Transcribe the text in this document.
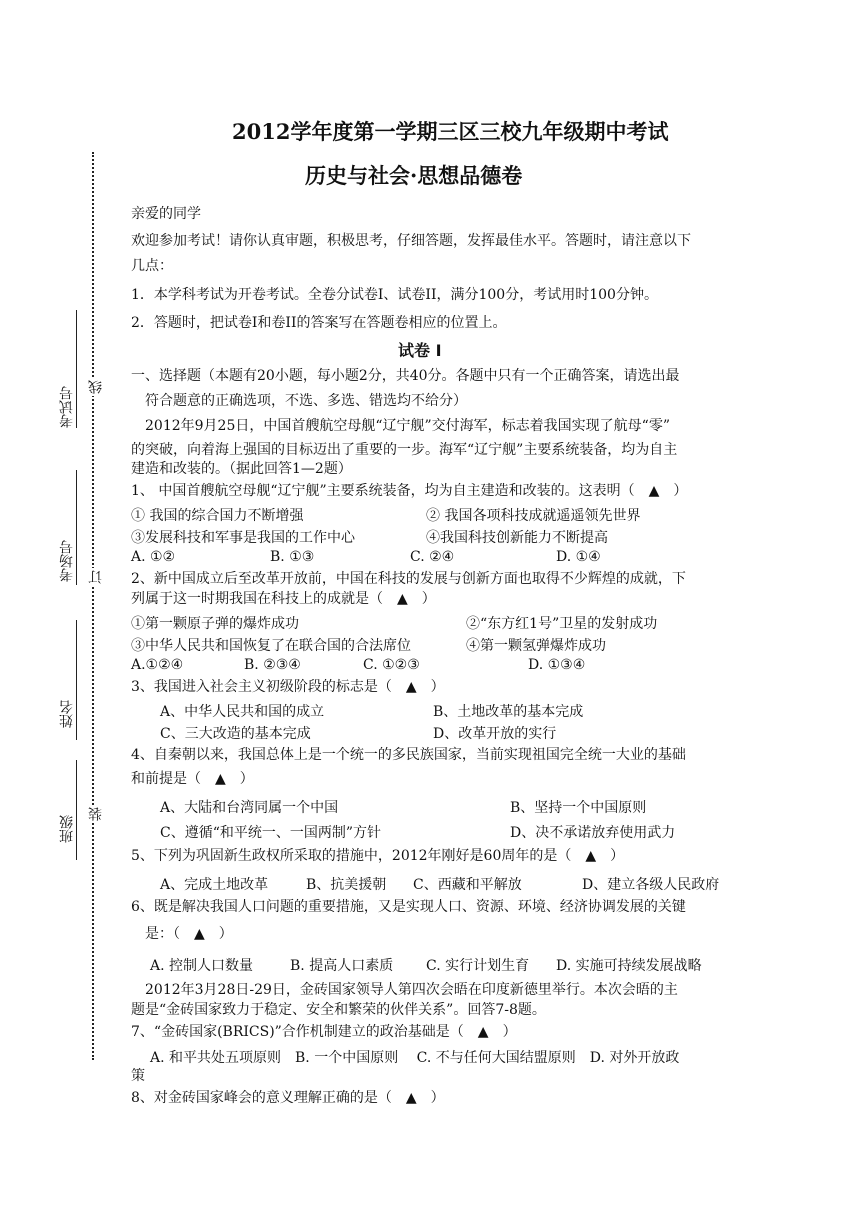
考试号
考场号
姓名
班级
线
订
装
2012学年度第一学期三区三校九年级期中考试
历史与社会·思想品德卷
亲爱的同学
欢迎参加考试！请你认真审题，积极思考，仔细答题，发挥最佳水平。答题时，请注意以下
几点：
1．本学科考试为开卷考试。全卷分试卷Ⅰ、试卷II，满分100分，考试用时100分钟。
2．答题时，把试卷Ⅰ和卷II的答案写在答题卷相应的位置上。
试卷 Ⅰ
一、选择题（本题有20小题，每小题2分，共40分。各题中只有一个正确答案，请选出最
符合题意的正确选项，不选、多选、错选均不给分）
2012年9月25日，中国首艘航空母舰“辽宁舰”交付海军，标志着我国实现了航母“零”
的突破，向着海上强国的目标迈出了重要的一步。海军“辽宁舰”主要系统装备，均为自主
建造和改装的。（据此回答1—2题）
1、 中国首艘航空母舰“辽宁舰”主要系统装备，均为自主建造和改装的。这表明（　▲　）
① 我国的综合国力不断增强	② 我国各项科技成就遥遥领先世界
③发展科技和军事是我国的工作中心	④我国科技创新能力不断提高
A. ①②	B. ①③	C. ②④	D. ①④
2、新中国成立后至改革开放前，中国在科技的发展与创新方面也取得不少辉煌的成就，下
列属于这一时期我国在科技上的成就是（　▲　）
①第一颗原子弹的爆炸成功	②“东方红1号”卫星的发射成功
③中华人民共和国恢复了在联合国的合法席位	④第一颗氢弹爆炸成功
A.①②④	B. ②③④	C. ①②③	D. ①③④
3、我国进入社会主义初级阶段的标志是（　▲　）
A、中华人民共和国的成立	B、土地改革的基本完成
C、三大改造的基本完成	D、改革开放的实行
4、自秦朝以来，我国总体上是一个统一的多民族国家，当前实现祖国完全统一大业的基础
和前提是（　▲　）
A、大陆和台湾同属一个中国	B、坚持一个中国原则
C、遵循“和平统一、一国两制”方针	D、决不承诺放弃使用武力
5、下列为巩固新生政权所采取的措施中，2012年刚好是60周年的是（　▲　）
A、完成土地改革	B、抗美援朝 C、西藏和平解放	D、建立各级人民政府
6、既是解决我国人口问题的重要措施，又是实现人口、资源、环境、经济协调发展的关键
是：（　▲　）
A. 控制人口数量	B. 提高人口素质 C. 实行计划生育 D. 实施可持续发展战略
2012年3月28日-29日，金砖国家领导人第四次会晤在印度新德里举行。本次会晤的主
题是“金砖国家致力于稳定、安全和繁荣的伙伴关系”。回答7-8题。
7、“金砖国家(BRICS)”合作机制建立的政治基础是（　▲　）
A. 和平共处五项原则　B. 一个中国原则　 C. 不与任何大国结盟原则　D. 对外开放政
策
8、对金砖国家峰会的意义理解正确的是（　▲　）
